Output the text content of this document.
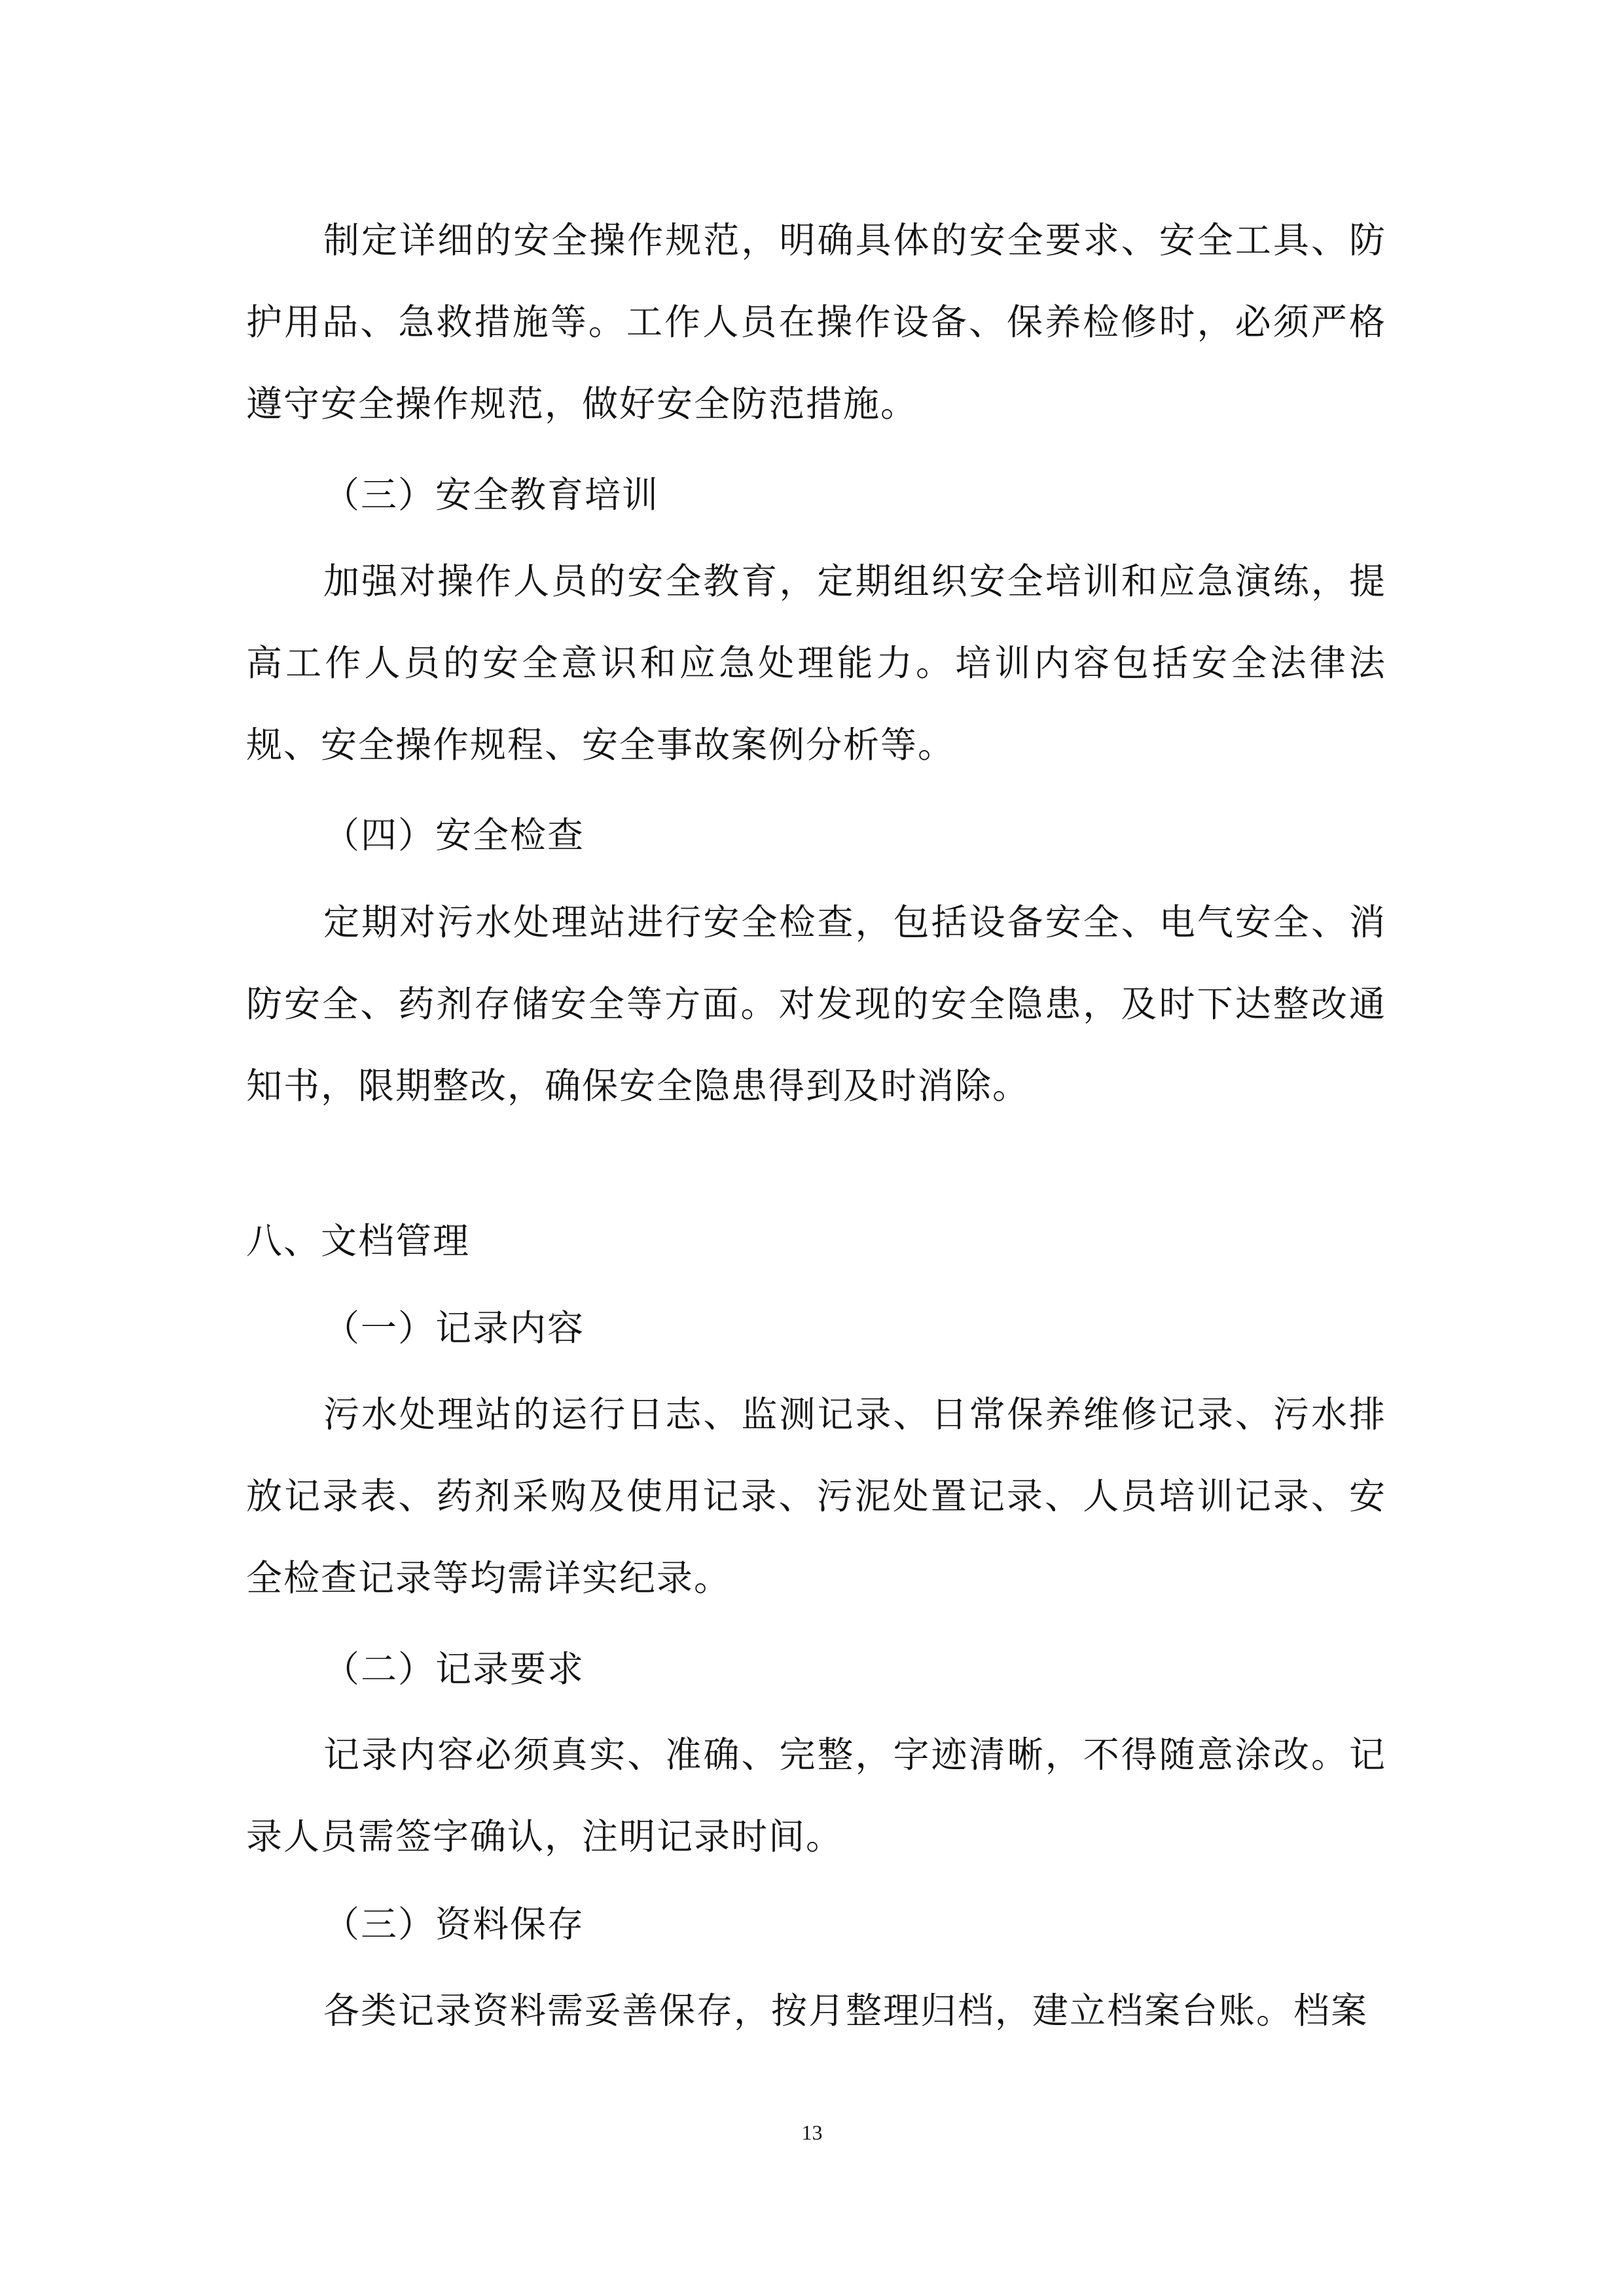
制定详细的安全操作规范，明确具体的安全要求、安全工具、防护用品、急救措施等。工作人员在操作设备、保养检修时，必须严格遵守安全操作规范，做好安全防范措施。

（三）安全教育培训

加强对操作人员的安全教育，定期组织安全培训和应急演练，提高工作人员的安全意识和应急处理能力。培训内容包括安全法律法规、安全操作规程、安全事故案例分析等。

（四）安全检查

定期对污水处理站进行安全检查，包括设备安全、电气安全、消防安全、药剂存储安全等方面。对发现的安全隐患，及时下达整改通知书，限期整改，确保安全隐患得到及时消除。

八、文档管理

（一）记录内容

污水处理站的运行日志、监测记录、日常保养维修记录、污水排放记录表、药剂采购及使用记录、污泥处置记录、人员培训记录、安全检查记录等均需详实纪录。

（二）记录要求

记录内容必须真实、准确、完整，字迹清晰，不得随意涂改。记录人员需签字确认，注明记录时间。

（三）资料保存

各类记录资料需妥善保存，按月整理归档，建立档案台账。档案

13
